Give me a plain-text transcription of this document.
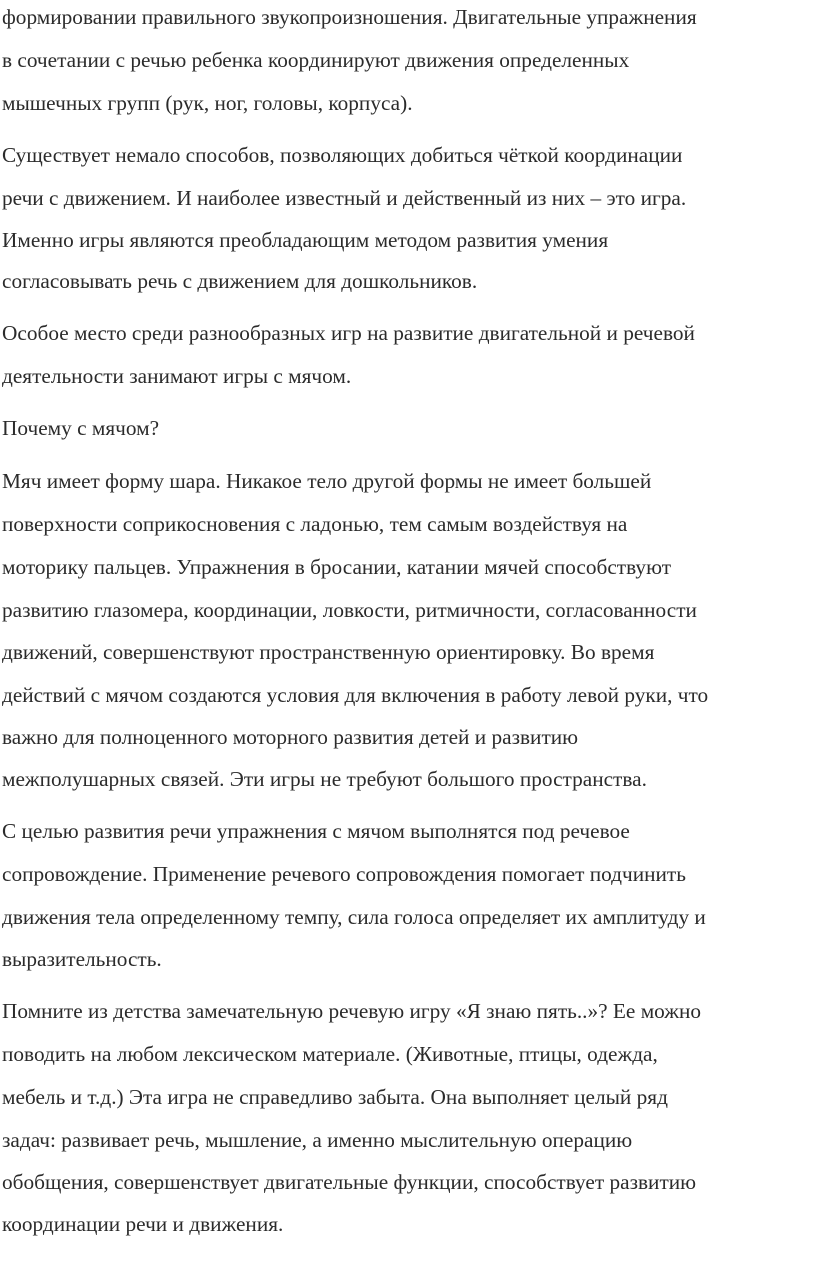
формировании правильного звукопроизношения. Двигательные упражнения
в сочетании с речью ребенка координируют движения определенных
мышечных групп (рук, ног, головы, корпуса).
Существует немало способов, позволяющих добиться чёткой координации
речи с движением. И наиболее известный и действенный из них – это игра.
Именно игры являются преобладающим методом развития умения
согласовывать речь с движением для дошкольников.
Особое место среди разнообразных игр на развитие двигательной и речевой
деятельности занимают игры с мячом.
Почему с мячом?
Мяч имеет форму шара. Никакое тело другой формы не имеет большей
поверхности соприкосновения с ладонью, тем самым воздействуя на
моторику пальцев. Упражнения в бросании, катании мячей способствуют
развитию глазомера, координации, ловкости, ритмичности, согласованности
движений, совершенствуют пространственную ориентировку. Во время
действий с мячом создаются условия для включения в работу левой руки, что
важно для полноценного моторного развития детей и развитию
межполушарных связей. Эти игры не требуют большого пространства.
С целью развития речи упражнения с мячом выполнятся под речевое
сопровождение. Применение речевого сопровождения помогает подчинить
движения тела определенному темпу, сила голоса определяет их амплитуду и
выразительность.
Помните из детства замечательную речевую игру «Я знаю пять..»? Ее можно
поводить на любом лексическом материале. (Животные, птицы, одежда,
мебель и т.д.) Эта игра не справедливо забыта. Она выполняет целый ряд
задач: развивает речь, мышление, а именно мыслительную операцию
обобщения, совершенствует двигательные функции, способствует развитию
координации речи и движения.
